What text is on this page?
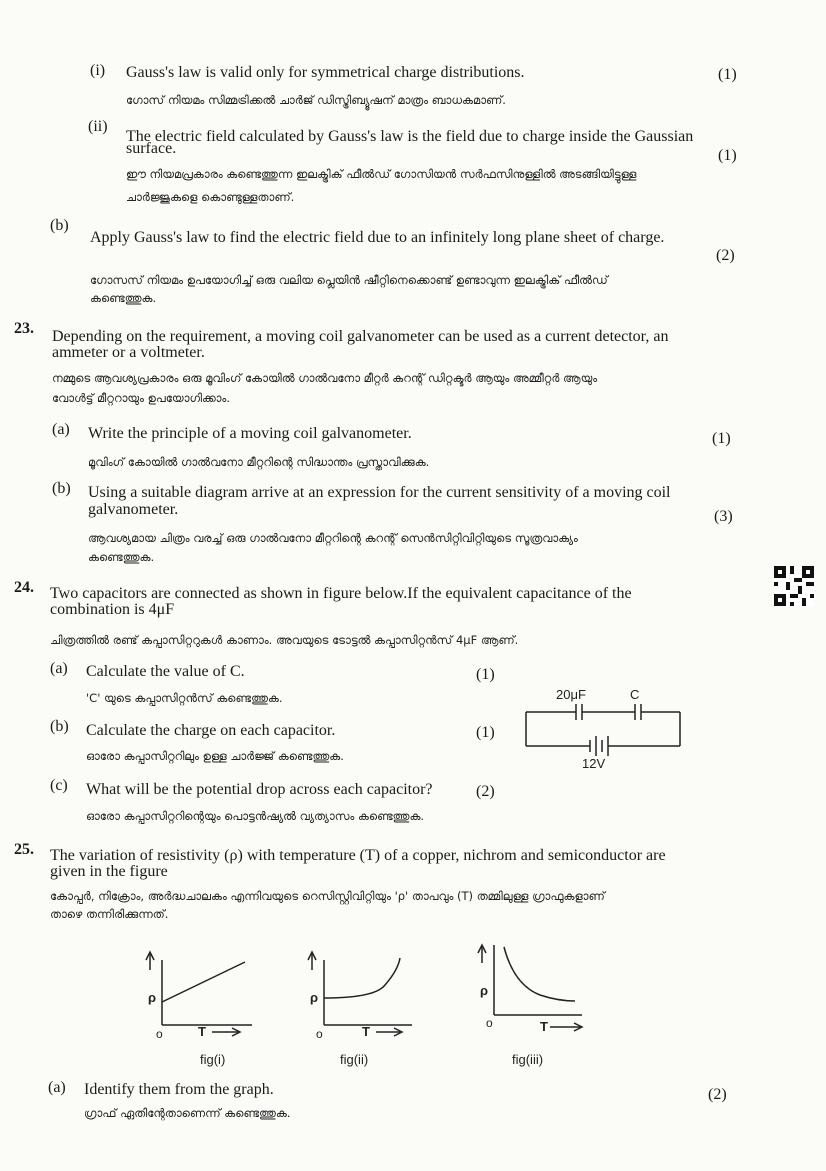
(i) Gauss's law is valid only for symmetrical charge distributions.	(1)
ഗോസ് നിയമം സിമ്മട്രിക്കൽ ചാർജ് ഡിസ്ട്രിബ്യൂഷന് മാത്രം ബാധകമാണ്.
(ii)
The electric field calculated by Gauss's law is the field due to charge inside the Gaussian
surface.	(1)
ഈ നിയമപ്രകാരം കണ്ടെത്തുന്ന ഇലക്ട്രിക് ഫീൽഡ് ഗോസിയൻ സർഫസിനുള്ളിൽ അടങ്ങിയിട്ടുള്ള
ചാർജ്ജുകളെ കൊണ്ടുള്ളതാണ്.
(b)
Apply Gauss's law to find the electric field due to an infinitely long plane sheet of charge.
(2)
ഗോസസ് നിയമം ഉപയോഗിച്ച് ഒരു വലിയ പ്ലെയിൻ ഷീറ്റിനെക്കൊണ്ട് ഉണ്ടാവുന്ന ഇലക്ട്രിക് ഫീൽഡ്
കണ്ടെത്തുക.
23. Depending on the requirement, a moving coil galvanometer can be used as a current detector, an
ammeter or a voltmeter.
നമ്മുടെ ആവശ്യപ്രകാരം ഒരു മൂവിംഗ് കോയിൽ ഗാൽവനോ മീറ്റർ കറന്റ് ഡിറ്റക്ടർ ആയും അമ്മീറ്റർ ആയും
വോൾട്ട് മീറ്ററായും ഉപയോഗിക്കാം.
(a) Write the principle of a moving coil galvanometer.	(1)
മൂവിംഗ് കോയിൽ ഗാൽവനോ മീറ്ററിന്റെ സിദ്ധാന്തം പ്രസ്താവിക്കുക.
(b) Using a suitable diagram arrive at an expression for the current sensitivity of a moving coil
galvanometer.	(3)
ആവശ്യമായ ചിത്രം വരച്ച് ഒരു ഗാൽവനോ മീറ്ററിന്റെ കറന്റ് സെൻസിറ്റിവിറ്റിയുടെ സൂത്രവാക്യം
കണ്ടെത്തുക.
24. Two capacitors are connected as shown in figure below.If the equivalent capacitance of the
combination is 4μF
ചിത്രത്തിൽ രണ്ട് കപ്പാസിറ്ററുകൾ കാണാം. അവയുടെ ടോട്ടൽ കപ്പാസിറ്റൻസ് 4μF ആണ്.
(a) Calculate the value of C.	(1)
'C' യുടെ കപ്പാസിറ്റൻസ് കണ്ടെത്തുക.
(b) Calculate the charge on each capacitor.	(1)
ഓരോ കപ്പാസിറ്ററിലും ഉള്ള ചാർജ്ജ് കണ്ടെത്തുക.
(c) What will be the potential drop across each capacitor?	(2)
ഓരോ കപ്പാസിറ്ററിന്റെയും പൊട്ടൻഷ്യൽ വ്യത്യാസം കണ്ടെത്തുക.
20μF	C
12V
25. The variation of resistivity (ρ) with temperature (T) of a copper, nichrom and semiconductor are
given in the figure
കോപ്പർ, നിക്രോം, അർദ്ധചാലകം എന്നിവയുടെ റെസിസ്റ്റിവിറ്റിയും 'ρ' താപവും (T) തമ്മിലുള്ള ഗ്രാഫുകളാണ്
താഴെ തന്നിരിക്കുന്നത്.
ρ
o	T
fig(i)
ρ
o	T
fig(ii)
ρ
o	T
fig(iii)
(a) Identify them from the graph.	(2)
ഗ്രാഫ് ഏതിന്റേതാണെന്ന് കണ്ടെത്തുക.
